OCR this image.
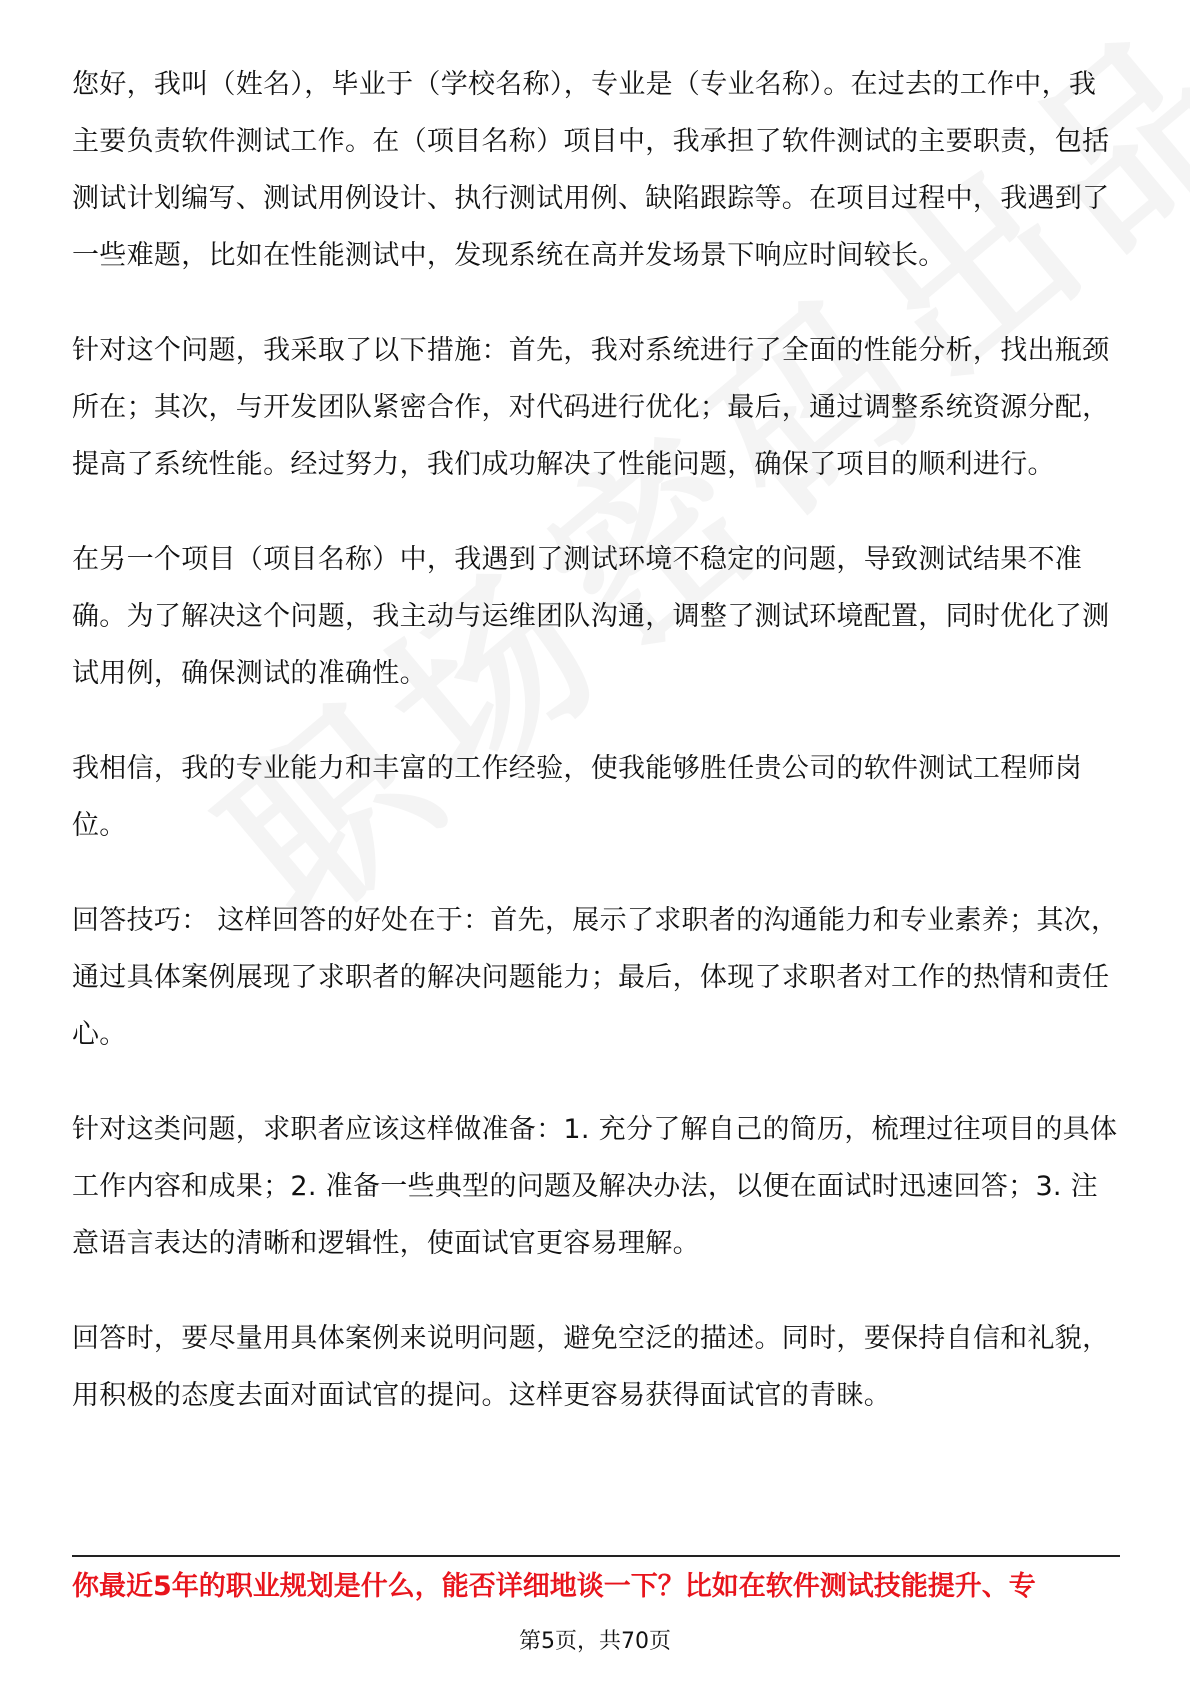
您好，我叫（姓名），毕业于（学校名称），专业是（专业名称）。在过去的工作中，我主要负责软件测试工作。在（项目名称）项目中，我承担了软件测试的主要职责，包括测试计划编写、测试用例设计、执行测试用例、缺陷跟踪等。在项目过程中，我遇到了一些难题，比如在性能测试中，发现系统在高并发场景下响应时间较长。

针对这个问题，我采取了以下措施：首先，我对系统进行了全面的性能分析，找出瓶颈所在；其次，与开发团队紧密合作，对代码进行优化；最后，通过调整系统资源分配，提高了系统性能。经过努力，我们成功解决了性能问题，确保了项目的顺利进行。

在另一个项目（项目名称）中，我遇到了测试环境不稳定的问题，导致测试结果不准确。为了解决这个问题，我主动与运维团队沟通，调整了测试环境配置，同时优化了测试用例，确保测试的准确性。

我相信，我的专业能力和丰富的工作经验，使我能够胜任贵公司的软件测试工程师岗位。

回答技巧： 这样回答的好处在于：首先，展示了求职者的沟通能力和专业素养；其次，通过具体案例展现了求职者的解决问题能力；最后，体现了求职者对工作的热情和责任心。

针对这类问题，求职者应该这样做准备：1. 充分了解自己的简历，梳理过往项目的具体工作内容和成果；2. 准备一些典型的问题及解决办法，以便在面试时迅速回答；3. 注意语言表达的清晰和逻辑性，使面试官更容易理解。

回答时，要尽量用具体案例来说明问题，避免空泛的描述。同时，要保持自信和礼貌，用积极的态度去面对面试官的提问。这样更容易获得面试官的青睐。

你最近5年的职业规划是什么，能否详细地谈一下？比如在软件测试技能提升、专
第5页，共70页
